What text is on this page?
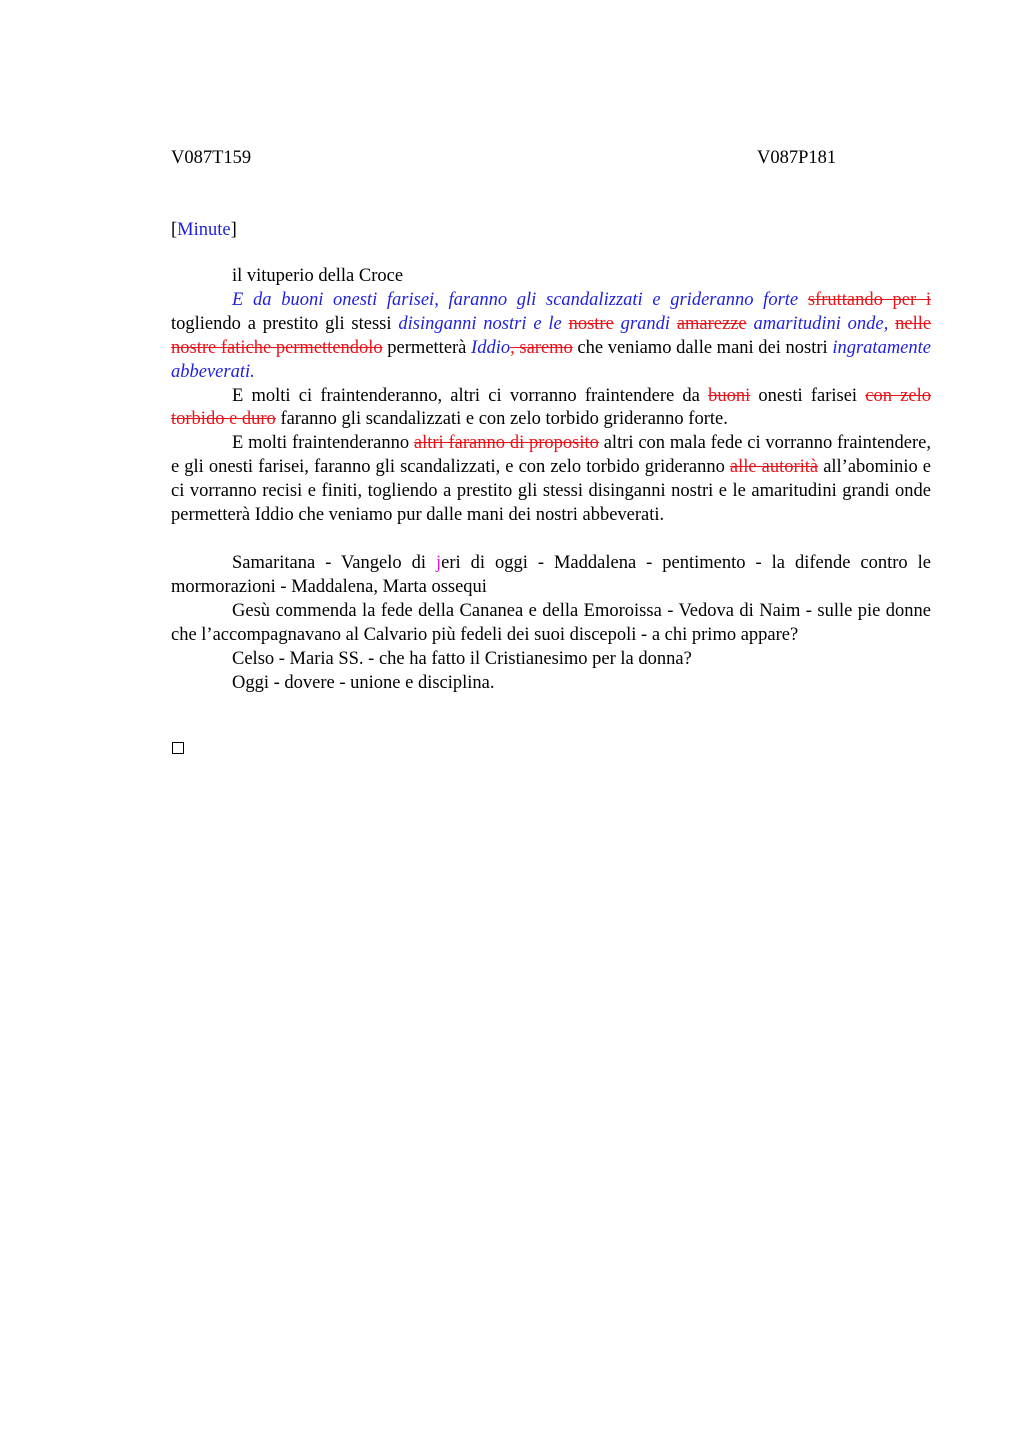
V087T159	V087P181
[Minute]

il vituperio della Croce

E da buoni onesti farisei, faranno gli scandalizzati e grideranno forte sfruttando per i togliendo a prestito gli stessi disinganni nostri e le nostre grandi amarezze amaritudini onde, nelle nostre fatiche permettendolo permetterà Iddio, saremo che veniamo dalle mani dei nostri ingratamente abbeverati.

E molti ci fraintenderanno, altri ci vorranno fraintendere da buoni onesti farisei con zelo torbido e duro faranno gli scandalizzati e con zelo torbido grideranno forte.

E molti fraintenderanno altri faranno di proposito altri con mala fede ci vorranno fraintendere, e gli onesti farisei, faranno gli scandalizzati, e con zelo torbido grideranno alle autorità all’abominio e ci vorranno recisi e finiti, togliendo a prestito gli stessi disinganni nostri e le amaritudini grandi onde permetterà Iddio che veniamo pur dalle mani dei nostri abbeverati.

Samaritana - Vangelo di jeri di oggi - Maddalena - pentimento - la difende contro le mormorazioni - Maddalena, Marta ossequi

Gesù commenda la fede della Cananea e della Emoroissa - Vedova di Naim - sulle pie donne che l’accompagnavano al Calvario più fedeli dei suoi discepoli - a chi primo appare?

Celso - Maria SS. - che ha fatto il Cristianesimo per la donna?

Oggi - dovere - unione e disciplina.
